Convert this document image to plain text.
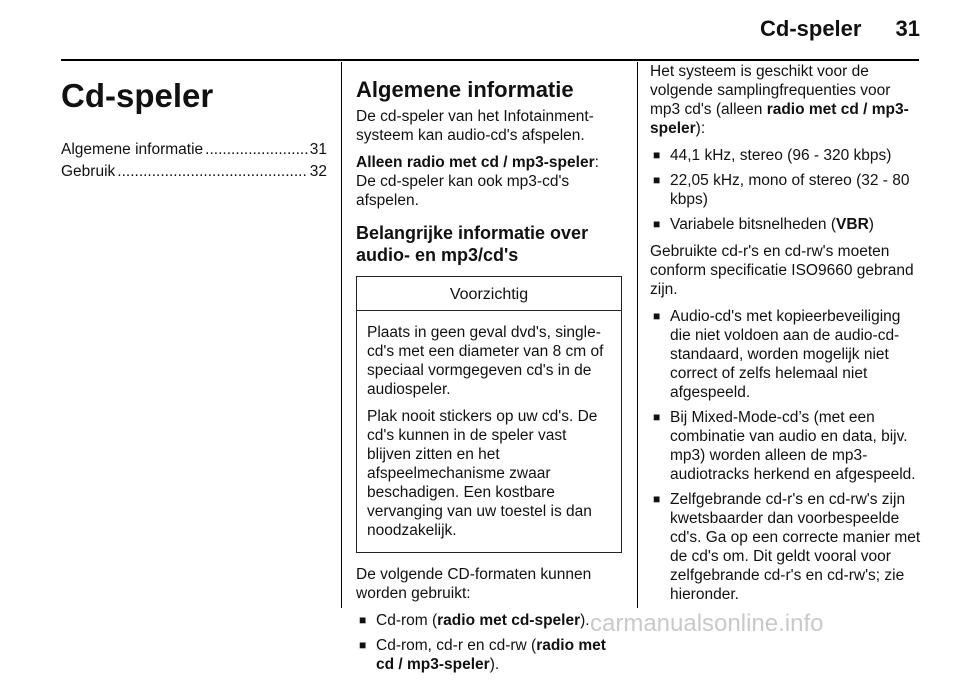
Cd-speler	31
Cd-speler
Algemene informatie .....	31
Gebruik .....	32
Algemene informatie

De cd-speler van het Infotainment-systeem kan audio-cd's afspelen.

Alleen radio met cd / mp3-speler: De cd-speler kan ook mp3-cd's afspelen.

Belangrijke informatie over audio- en mp3/cd's
Voorzichtig

Plaats in geen geval dvd's, single-cd's met een diameter van 8 cm of speciaal vormgegeven cd's in de audiospeler.

Plak nooit stickers op uw cd's. De cd's kunnen in de speler vast blijven zitten en het afspeelmechanisme zwaar beschadigen. Een kostbare vervanging van uw toestel is dan noodzakelijk.

De volgende CD-formaten kunnen worden gebruikt:

■ Cd-rom (radio met cd-speler).
■ Cd-rom, cd-r en cd-rw (radio met cd / mp3-speler).

Het systeem is geschikt voor de volgende samplingfrequenties voor mp3 cd's (alleen radio met cd / mp3-speler):

■ 44,1 kHz, stereo (96 - 320 kbps)
■ 22,05 kHz, mono of stereo (32 - 80 kbps)
■ Variabele bitsnelheden (VBR)

Gebruikte cd-r's en cd-rw's moeten conform specificatie ISO9660 gebrand zijn.

■ Audio-cd's met kopieerbeveiliging die niet voldoen aan de audio-cd-standaard, worden mogelijk niet correct of zelfs helemaal niet afgespeeld.
■ Bij Mixed-Mode-cd’s (met een combinatie van audio en data, bijv. mp3) worden alleen de mp3-audiotracks herkend en afgespeeld.
■ Zelfgebrande cd-r's en cd-rw's zijn kwetsbaarder dan voorbespeelde cd's. Ga op een correcte manier met de cd's om. Dit geldt vooral voor zelfgebrande cd-r's en cd-rw's; zie hieronder.
carmanualsonline.info
